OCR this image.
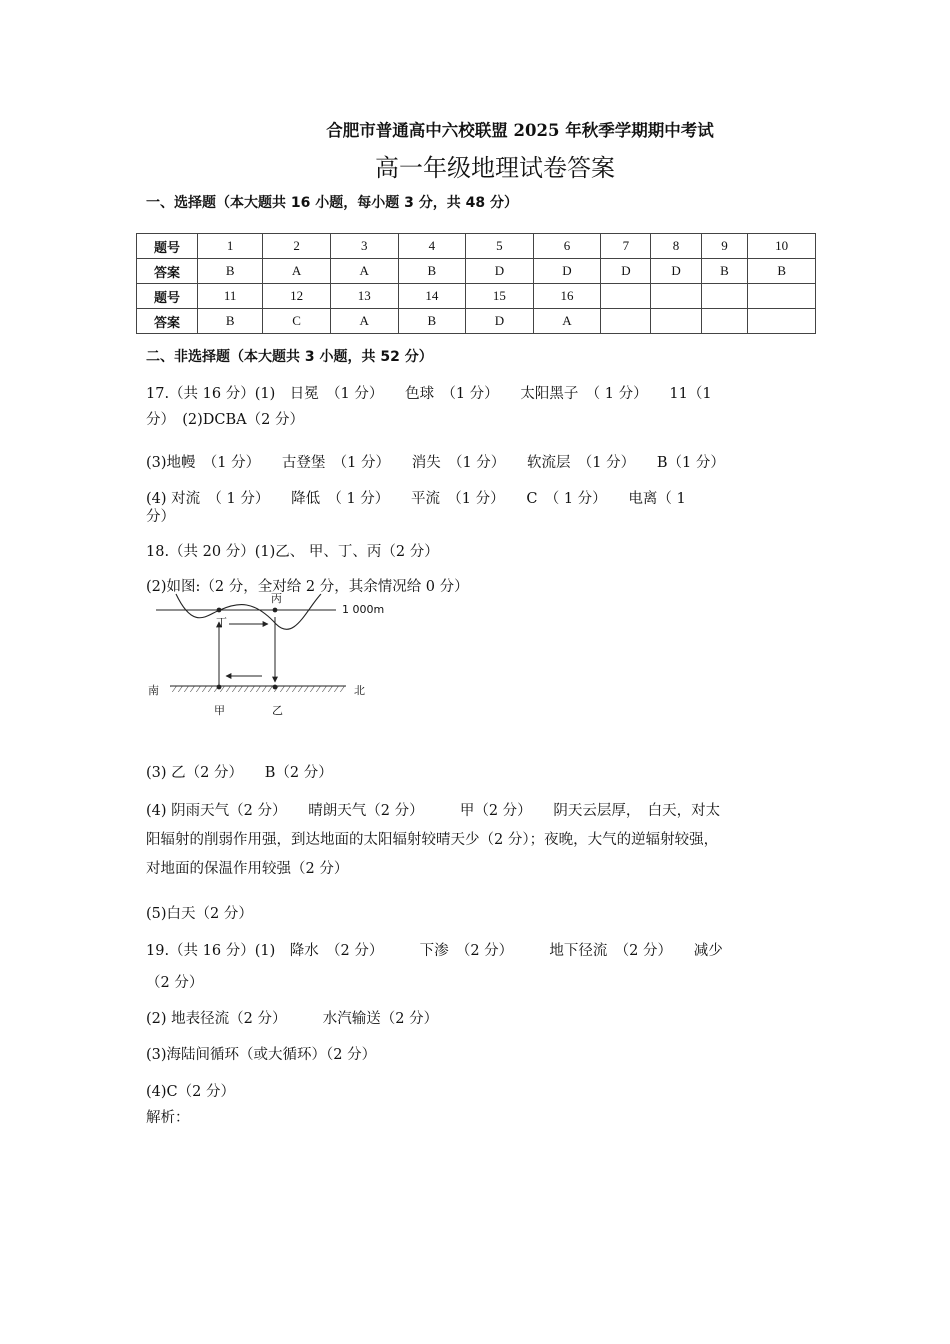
合肥市普通高中六校联盟 2025 年秋季学期期中考试
高一年级地理试卷答案
一、选择题（本大题共 16 小题，每小题 3 分，共 48 分）
题号	1	2	3	4	5	6	7	8	9	10
答案	B	A	A	B	D	D	D	D	B	B
题号	11	12	13	14	15	16				
答案	B	C	A	B	D	A				
二、非选择题（本大题共 3 小题，共 52 分）
17.（共 16 分）(1)　日冕　（1 分）　　色球　（1 分）　　太阳黑子　（ 1 分）　　11（1
分）　(2)DCBA（2 分）
(3)地幔　（1 分）　　古登堡　（1 分）　　消失　（1 分）　　软流层　（1 分）　　B（1 分）
(4) 对流　（ 1 分）　　降低　（ 1 分）　　平流　（1 分）　　C　（ 1 分）　　电离（ 1
分）
18.（共 20 分）(1)乙、 甲、丁、丙（2 分）
(2)如图:（2 分，全对给 2 分，其余情况给 0 分）
丙
丁
1 000m
南	北
甲	乙
(3) 乙（2 分）　　B（2 分）
(4) 阴雨天气（2 分）　　晴朗天气（2 分）　　　甲（2 分）　　阴天云层厚，　白天，对太
阳辐射的削弱作用强，到达地面的太阳辐射较晴天少（2 分）；夜晚，大气的逆辐射较强，
对地面的保温作用较强（2 分）
(5)白天（2 分）
19.（共 16 分）(1)　降水　（2 分）　　　下渗　（2 分）　　　地下径流　（2 分）　　减少
（2 分）
(2) 地表径流（2 分）　　　水汽输送（2 分）
(3)海陆间循环（或大循环）（2 分）
(4)C（2 分）
解析：
